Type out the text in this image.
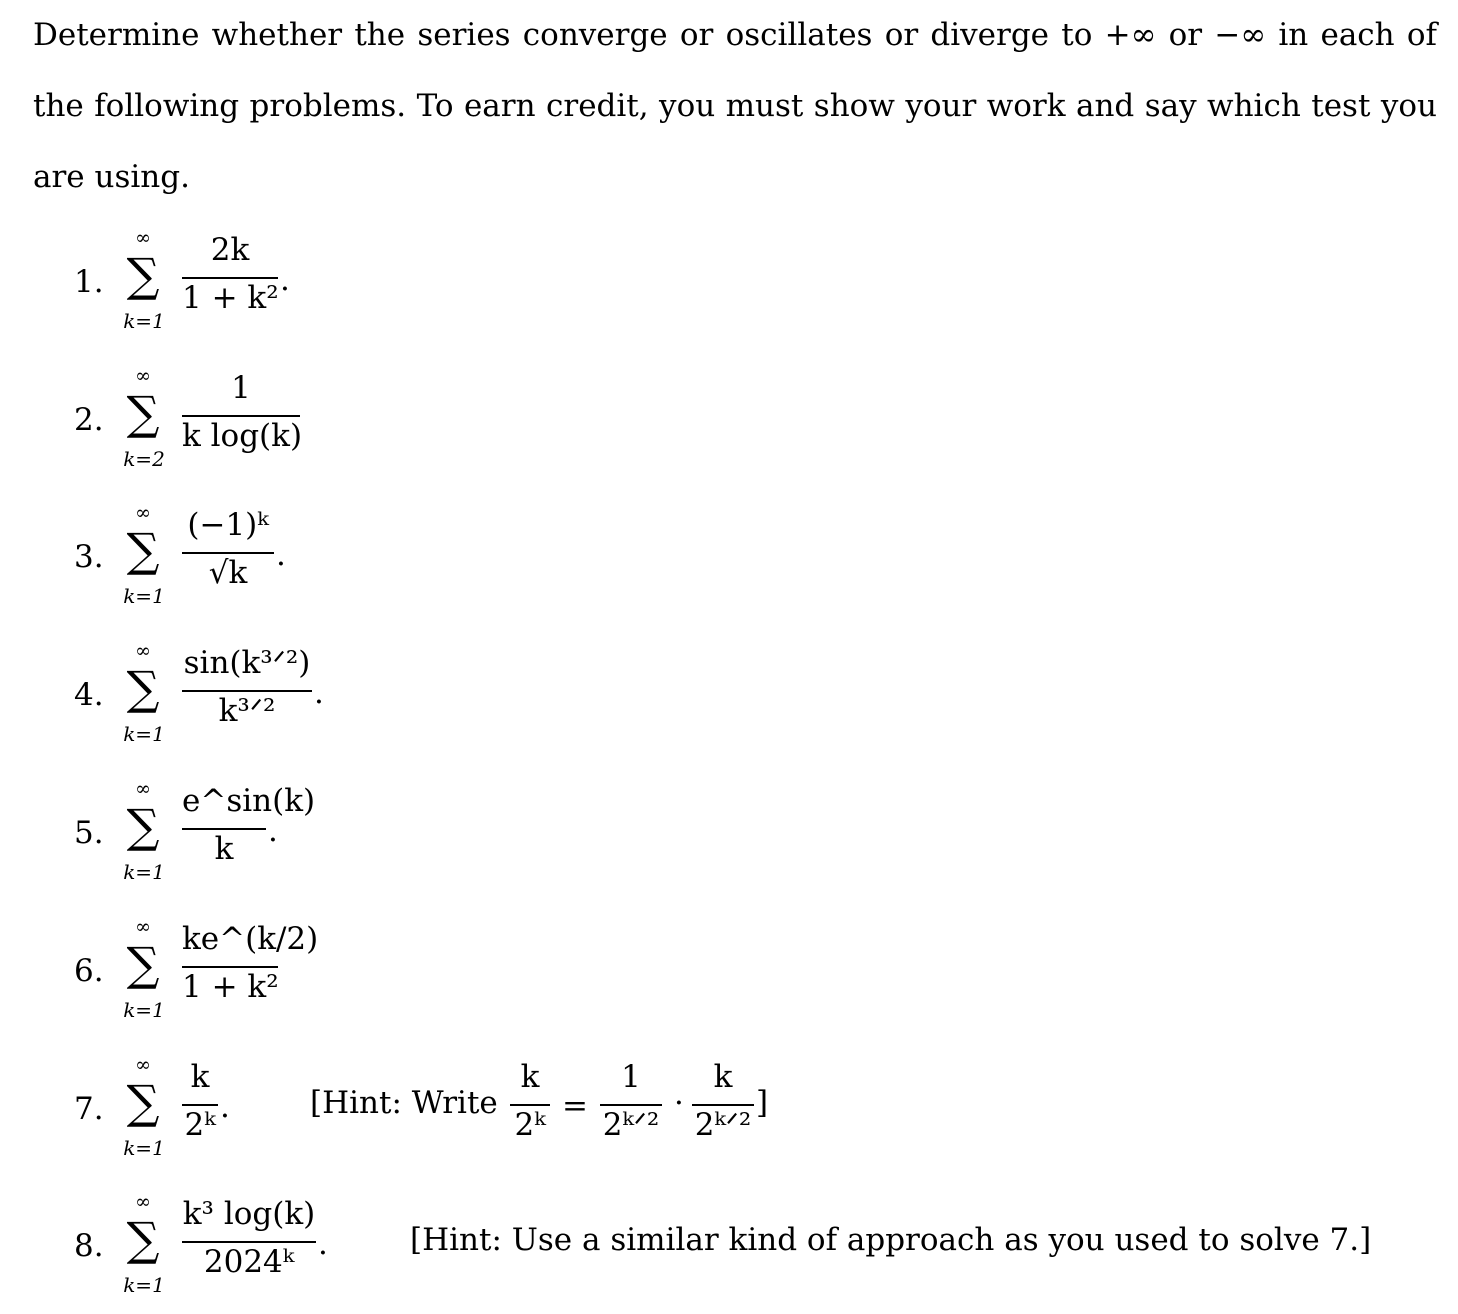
Determine whether the series converge or oscillates or diverge to +∞ or −∞ in each of the following problems. To earn credit, you must show your work and say which test you are using.

1.
∞
∑
k=1
2k
1 + k² .
2.
∞
∑
k=2
1
k log(k)
3.
∞
∑
k=1
(−1)ᵏ
√k .
4.
∞
∑
k=1
sin(k³ᐟ²)
k³ᐟ²	.
5.
∞
∑
k=1
e^sin(k)
k	.
6.
∞
∑
k=1
ke^(k/2)
1 + k²
7.
∞
∑
k=1
k
2ᵏ .	[Hint: Write
k
2ᵏ
=
1
2ᵏᐟ²
·
k
2ᵏᐟ²
]
8.
∞
∑
k=1
k³ log(k)
2024ᵏ .	[Hint: Use a similar kind of approach as you used to solve 7.]
